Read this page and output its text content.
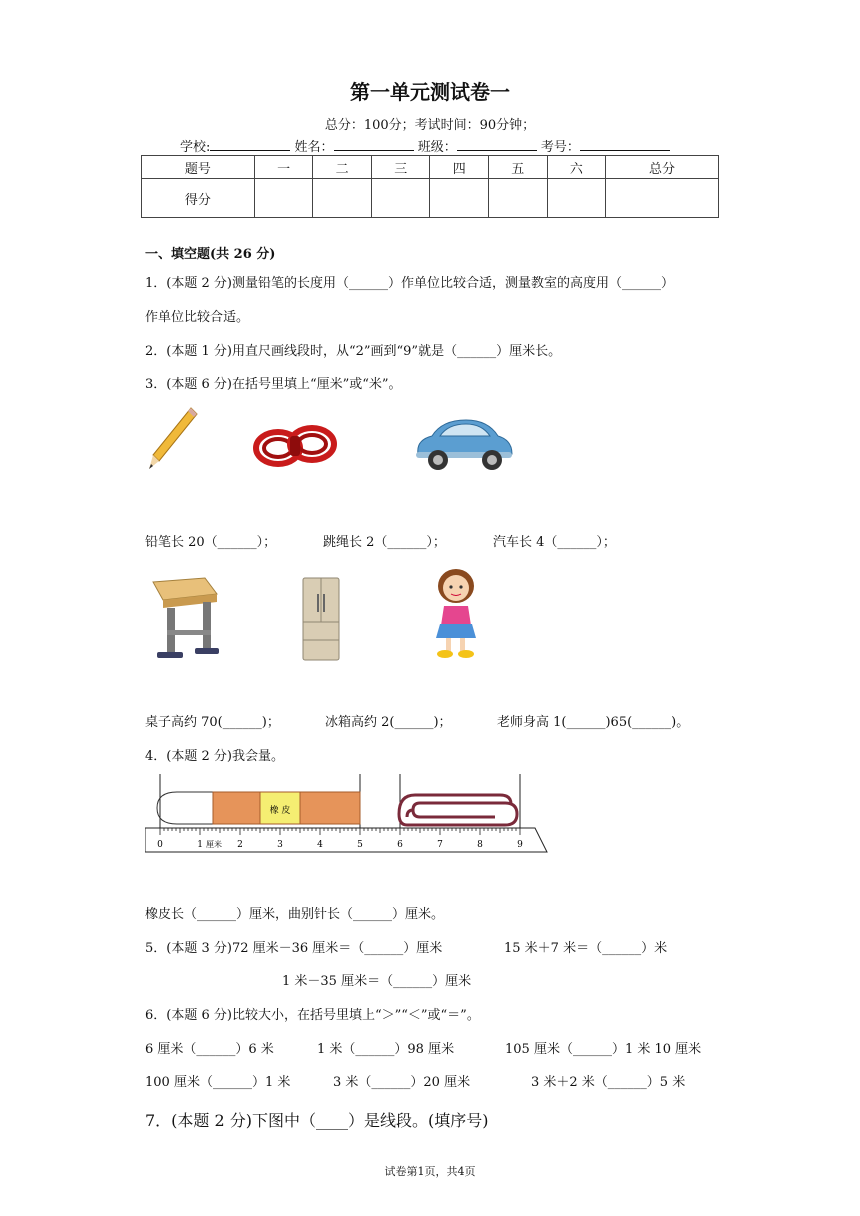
第一单元测试卷一
总分：100分；考试时间：90分钟；
学校:	姓名：	班级：	考号：
题号	一	二	三	四	五	六	总分
得分							
一、填空题(共 26 分)
1．(本题 2 分)测量铅笔的长度用（______）作单位比较合适，测量教室的高度用（______）
作单位比较合适。
2．(本题 1 分)用直尺画线段时，从“2”画到“9”就是（______）厘米长。
3．(本题 6 分)在括号里填上“厘米”或“米”。
铅笔长 20（______）；	跳绳长 2（______）；	汽车长 4（______）；
桌子高约 70(______)；	冰箱高约 2(______)；	老师身高 1(______)65(______)。
4．(本题 2 分)我会量。
橡 皮
0	1	2	3	4	5	6	7	8	9
厘米
橡皮长（______）厘米，曲别针长（______）厘米。
5．(本题 3 分)72 厘米－36 厘米＝（______）厘米	15 米＋7 米＝（______）米
1 米－35 厘米＝（______）厘米
6．(本题 6 分)比较大小，在括号里填上“＞”“＜”或“＝”。
6 厘米（______）6 米	1 米（______）98 厘米	105 厘米（______）1 米 10 厘米
100 厘米（______）1 米	3 米（______）20 厘米	3 米＋2 米（______）5 米
7．(本题 2 分)下图中（____）是线段。(填序号)
试卷第1页，共4页
